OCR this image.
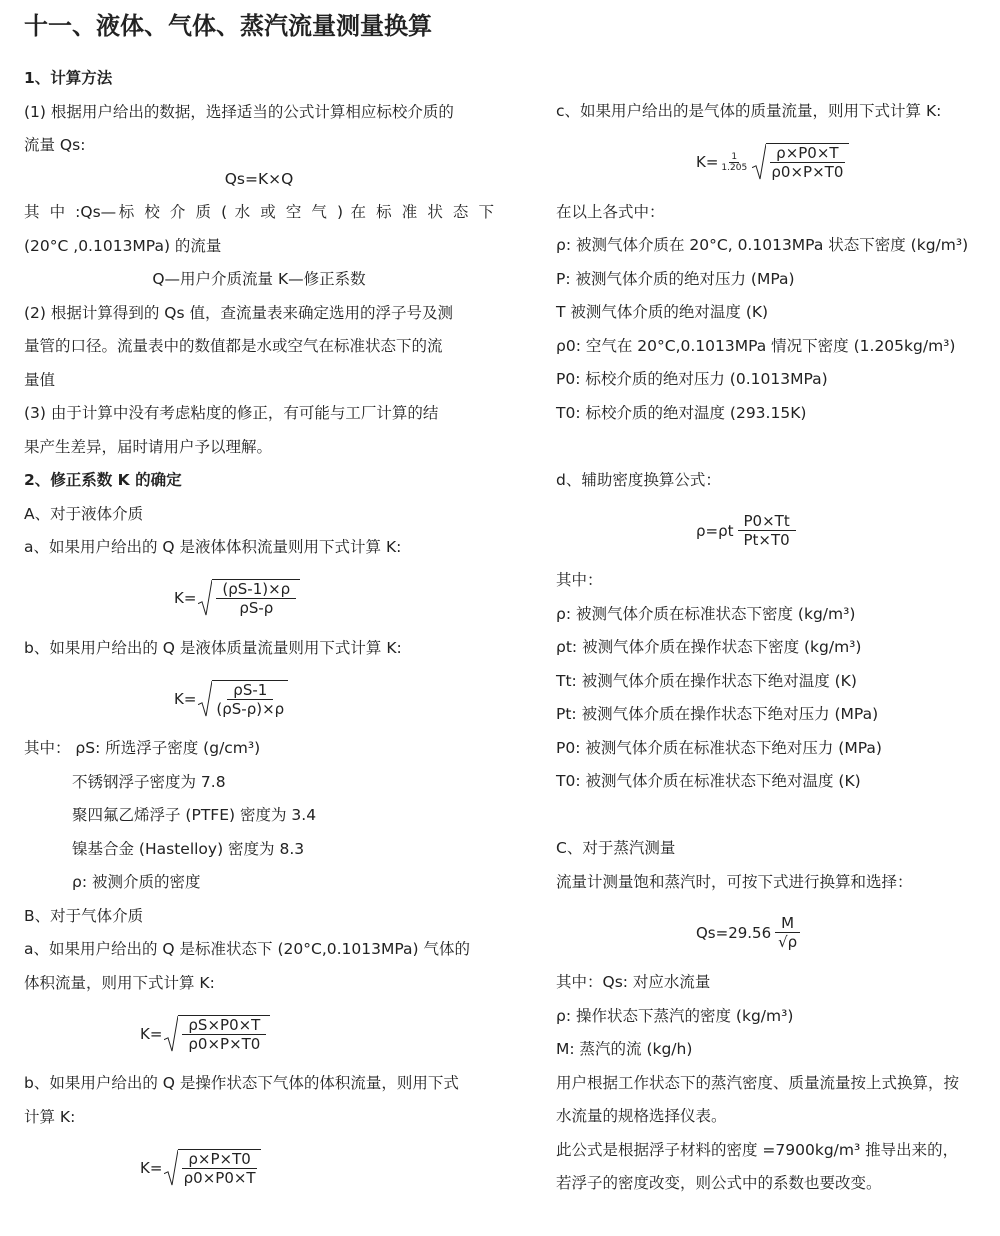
十一、液体、气体、蒸汽流量测量换算
1、计算方法
(1) 根据用户给出的数据，选择适当的公式计算相应标校介质的
流量 Qs:
Qs=K×Q
其 中 :Qs—标 校 介 质 ( 水 或 空 气 ) 在 标 准 状 态 下
(20°C ,0.1013MPa) 的流量
Q—用户介质流量 K—修正系数
(2) 根据计算得到的 Qs 值，查流量表来确定选用的浮子号及测
量管的口径。流量表中的数值都是水或空气在标准状态下的流
量值
(3) 由于计算中没有考虑粘度的修正，有可能与工厂计算的结
果产生差异，届时请用户予以理解。
2、修正系数 K 的确定
A、对于液体介质
a、如果用户给出的 Q 是液体体积流量则用下式计算 K:
$K= \frac{(\rho S-1)\times\rho}{\rho S-\rho}$
b、如果用户给出的 Q 是液体质量流量则用下式计算 K:
$K= \frac{\rho S-1}{(\rho S-\rho)\times\rho}$
其中： ρS: 所选浮子密度 (g/cm³)
不锈钢浮子密度为 7.8
聚四氟乙烯浮子 (PTFE) 密度为 3.4
镍基合金 (Hastelloy) 密度为 8.3
ρ: 被测介质的密度
B、对于气体介质
a、如果用户给出的 Q 是标准状态下 (20°C,0.1013MPa) 气体的
体积流量，则用下式计算 K:
$K= \frac{\rho S\times P0\times T}{\rho 0\times P\times T0}$
b、如果用户给出的 Q 是操作状态下气体的体积流量，则用下式
计算 K:
$K= \frac{\rho\times P\times T0}{\rho 0\times P0\times T}$
c、如果用户给出的是气体的质量流量，则用下式计算 K:
$K= \frac{1}{1.205} \frac{\rho\times P0\times T}{\rho 0\times P\times T0}$
在以上各式中：
ρ: 被测气体介质在 20°C, 0.1013MPa 状态下密度 (kg/m³)
P: 被测气体介质的绝对压力 (MPa)
T 被测气体介质的绝对温度 (K)
ρ0: 空气在 20°C,0.1013MPa 情况下密度 (1.205kg/m³)
P0: 标校介质的绝对压力 (0.1013MPa)
T0: 标校介质的绝对温度 (293.15K)
d、辅助密度换算公式：
$\rho=\rho t \frac{P0\times Tt}{Pt\times T0}$
其中：
ρ: 被测气体介质在标准状态下密度 (kg/m³)
ρt: 被测气体介质在操作状态下密度 (kg/m³)
Tt: 被测气体介质在操作状态下绝对温度 (K)
Pt: 被测气体介质在操作状态下绝对压力 (MPa)
P0: 被测气体介质在标准状态下绝对压力 (MPa)
T0: 被测气体介质在标准状态下绝对温度 (K)
C、对于蒸汽测量
流量计测量饱和蒸汽时，可按下式进行换算和选择：
$Qs=29.56 \frac{M}{√\rho}$
其中：Qs: 对应水流量
ρ: 操作状态下蒸汽的密度 (kg/m³)
M: 蒸汽的流 (kg/h)
用户根据工作状态下的蒸汽密度、质量流量按上式换算，按
水流量的规格选择仪表。
此公式是根据浮子材料的密度 =7900kg/m³ 推导出来的，
若浮子的密度改变，则公式中的系数也要改变。
